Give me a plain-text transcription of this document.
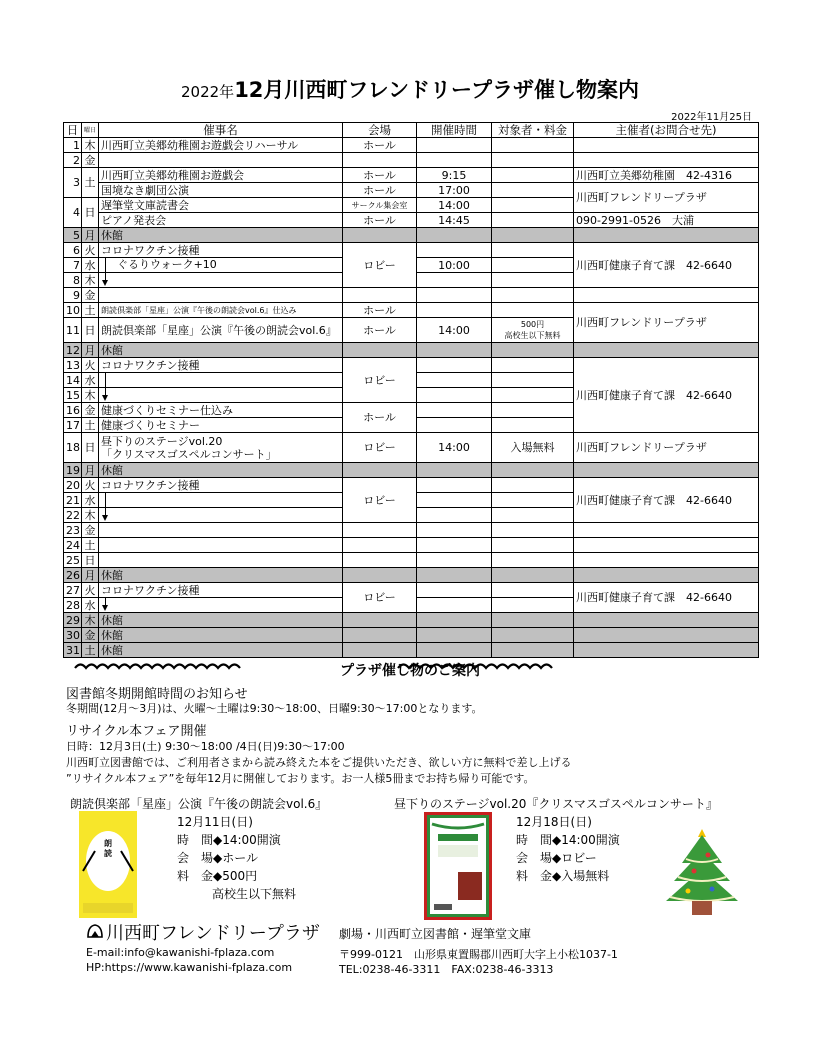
2022年12月川西町フレンドリープラザ催し物案内
2022年11月25日
日	曜日	催事名	会場	開催時間	対象者・料金	主催者(お問合せ先)
1	木	川西町立美郷幼稚園お遊戯会リハーサル	ホール			
2	金					
3	土	川西町立美郷幼稚園お遊戯会	ホール	9:15		川西町立美郷幼稚園　42-4316
		国境なき劇団公演	ホール	17:00		川西町フレンドリープラザ
4	日	遅筆堂文庫読書会	サークル集会室	14:00		
		ピアノ発表会	ホール	14:45		090-2991-0526　大浦
5	月	休館				
6	火	コロナワクチン接種	ロビー			川西町健康子育て課　42-6640
7	水	ぐるりウォーク+10		10:00		
8	木					
9	金					
10	土	朗読倶楽部「星座」公演『午後の朗読会vol.6』仕込み	ホール			川西町フレンドリープラザ
11	日	朗読倶楽部「星座」公演『午後の朗読会vol.6』	ホール	14:00	500円
高校生以下無料	
12	月	休館				
13	火	コロナワクチン接種	ロビー			川西町健康子育て課　42-6640
14	水					
15	木					
16	金	健康づくりセミナー仕込み	ホール			
17	土	健康づくりセミナー				
18	日	昼下りのステージvol.20
「クリスマスゴスペルコンサート」	ロビー	14:00	入場無料	川西町フレンドリープラザ
19	月	休館				
20	火	コロナワクチン接種	ロビー			川西町健康子育て課　42-6640
21	水					
22	木					
23	金					
24	土					
25	日					
26	月	休館				
27	火	コロナワクチン接種	ロビー			川西町健康子育て課　42-6640
28	水					
29	木	休館				
30	金	休館				
31	土	休館				
プラザ催し物のご案内
図書館冬期開館時間のお知らせ
冬期間(12月～3月)は、火曜～土曜は9:30～18:00、日曜9:30～17:00となります。
リサイクル本フェア開催
日時：12月3日(土) 9:30～18:00 /4日(日)9:30～17:00
川西町立図書館では、ご利用者さまから読み終えた本をご提供いただき、欲しい方に無料で差し上げる
”リサイクル本フェア”を毎年12月に開催しております。お一人様5冊までお持ち帰り可能です。
朗読倶楽部「星座」公演『午後の朗読会vol.6』
朗
読
12月11日(日)
時　間◆14:00開演
会　場◆ホール
料　金◆500円
高校生以下無料
昼下りのステージvol.20『クリスマスゴスペルコンサート』
12月18日(日)
時　間◆14:00開演
会　場◆ロビー
料　金◆入場無料
川西町フレンドリープラザ
E-mail:info@kawanishi-fplaza.com
HP:https://www.kawanishi-fplaza.com
劇場・川西町立図書館・遅筆堂文庫
〒999-0121　山形県東置賜郡川西町大字上小松1037-1
TEL:0238-46-3311　FAX:0238-46-3313
